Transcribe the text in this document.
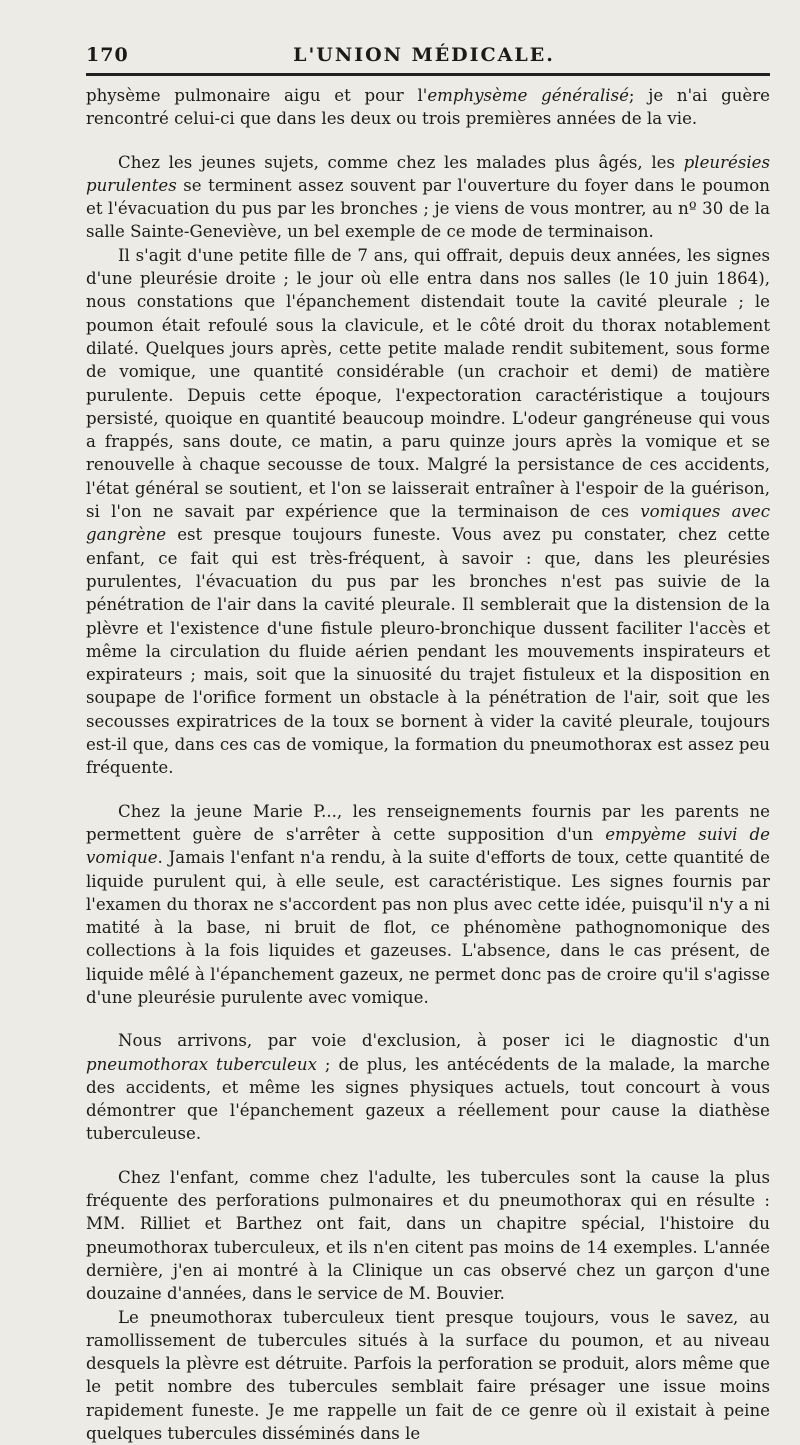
170	L'UNION MÉDICALE.

physème pulmonaire aigu et pour l'emphysème généralisé; je n'ai guère rencontré celui-ci que dans les deux ou trois premières années de la vie.

Chez les jeunes sujets, comme chez les malades plus âgés, les pleurésies purulentes se terminent assez souvent par l'ouverture du foyer dans le poumon et l'évacuation du pus par les bronches ; je viens de vous montrer, au nº 30 de la salle Sainte-Geneviève, un bel exemple de ce mode de terminaison.

Il s'agit d'une petite fille de 7 ans, qui offrait, depuis deux années, les signes d'une pleurésie droite ; le jour où elle entra dans nos salles (le 10 juin 1864), nous constations que l'épanchement distendait toute la cavité pleurale ; le poumon était refoulé sous la clavicule, et le côté droit du thorax notablement dilaté. Quelques jours après, cette petite malade rendit subitement, sous forme de vomique, une quantité considérable (un crachoir et demi) de matière purulente. Depuis cette époque, l'expectoration caractéristique a toujours persisté, quoique en quantité beaucoup moindre. L'odeur gangréneuse qui vous a frappés, sans doute, ce matin, a paru quinze jours après la vomique et se renouvelle à chaque secousse de toux. Malgré la persistance de ces accidents, l'état général se soutient, et l'on se laisserait entraîner à l'espoir de la guérison, si l'on ne savait par expérience que la terminaison de ces vomiques avec gangrène est presque toujours funeste. Vous avez pu constater, chez cette enfant, ce fait qui est très-fréquent, à savoir : que, dans les pleurésies purulentes, l'évacuation du pus par les bronches n'est pas suivie de la pénétration de l'air dans la cavité pleurale. Il semblerait que la distension de la plèvre et l'existence d'une fistule pleuro-bronchique dussent faciliter l'accès et même la circulation du fluide aérien pendant les mouvements inspirateurs et expirateurs ; mais, soit que la sinuosité du trajet fistuleux et la disposition en soupape de l'orifice forment un obstacle à la pénétration de l'air, soit que les secousses expiratrices de la toux se bornent à vider la cavité pleurale, toujours est-il que, dans ces cas de vomique, la formation du pneumothorax est assez peu fréquente.

Chez la jeune Marie P..., les renseignements fournis par les parents ne permettent guère de s'arrêter à cette supposition d'un empyème suivi de vomique. Jamais l'enfant n'a rendu, à la suite d'efforts de toux, cette quantité de liquide purulent qui, à elle seule, est caractéristique. Les signes fournis par l'examen du thorax ne s'accordent pas non plus avec cette idée, puisqu'il n'y a ni matité à la base, ni bruit de flot, ce phénomène pathognomonique des collections à la fois liquides et gazeuses. L'absence, dans le cas présent, de liquide mêlé à l'épanchement gazeux, ne permet donc pas de croire qu'il s'agisse d'une pleurésie purulente avec vomique.

Nous arrivons, par voie d'exclusion, à poser ici le diagnostic d'un pneumothorax tuberculeux ; de plus, les antécédents de la malade, la marche des accidents, et même les signes physiques actuels, tout concourt à vous démontrer que l'épanchement gazeux a réellement pour cause la diathèse tuberculeuse.

Chez l'enfant, comme chez l'adulte, les tubercules sont la cause la plus fréquente des perforations pulmonaires et du pneumothorax qui en résulte : MM. Rilliet et Barthez ont fait, dans un chapitre spécial, l'histoire du pneumothorax tuberculeux, et ils n'en citent pas moins de 14 exemples. L'année dernière, j'en ai montré à la Clinique un cas observé chez un garçon d'une douzaine d'années, dans le service de M. Bouvier.

Le pneumothorax tuberculeux tient presque toujours, vous le savez, au ramollissement de tubercules situés à la surface du poumon, et au niveau desquels la plèvre est détruite. Parfois la perforation se produit, alors même que le petit nombre des tubercules semblait faire présager une issue moins rapidement funeste. Je me rappelle un fait de ce genre où il existait à peine quelques tubercules disséminés dans le
